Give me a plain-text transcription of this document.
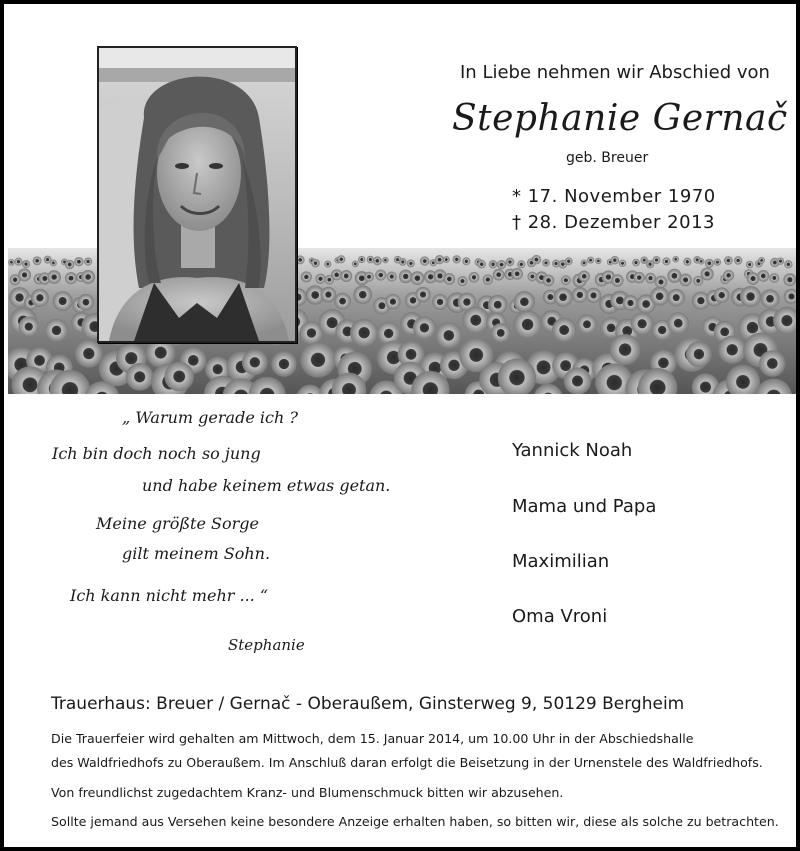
In Liebe nehmen wir Abschied von
Stephanie Gernač
geb. Breuer
* 17. November 1970
† 28. Dezember 2013
„ Warum gerade ich ?
Ich bin doch noch so jung
und habe keinem etwas getan.
Meine größte Sorge
gilt meinem Sohn.
Ich kann nicht mehr ... “
Stephanie
Yannick Noah
Mama und Papa
Maximilian
Oma Vroni
Trauerhaus: Breuer / Gernač - Oberaußem, Ginsterweg 9, 50129 Bergheim
Die Trauerfeier wird gehalten am Mittwoch, dem 15. Januar 2014, um 10.00 Uhr in der Abschiedshalle
des Waldfriedhofs zu Oberaußem. Im Anschluß daran erfolgt die Beisetzung in der Urnenstele des Waldfriedhofs.
Von freundlichst zugedachtem Kranz- und Blumenschmuck bitten wir abzusehen.
Sollte jemand aus Versehen keine besondere Anzeige erhalten haben, so bitten wir, diese als solche zu betrachten.
